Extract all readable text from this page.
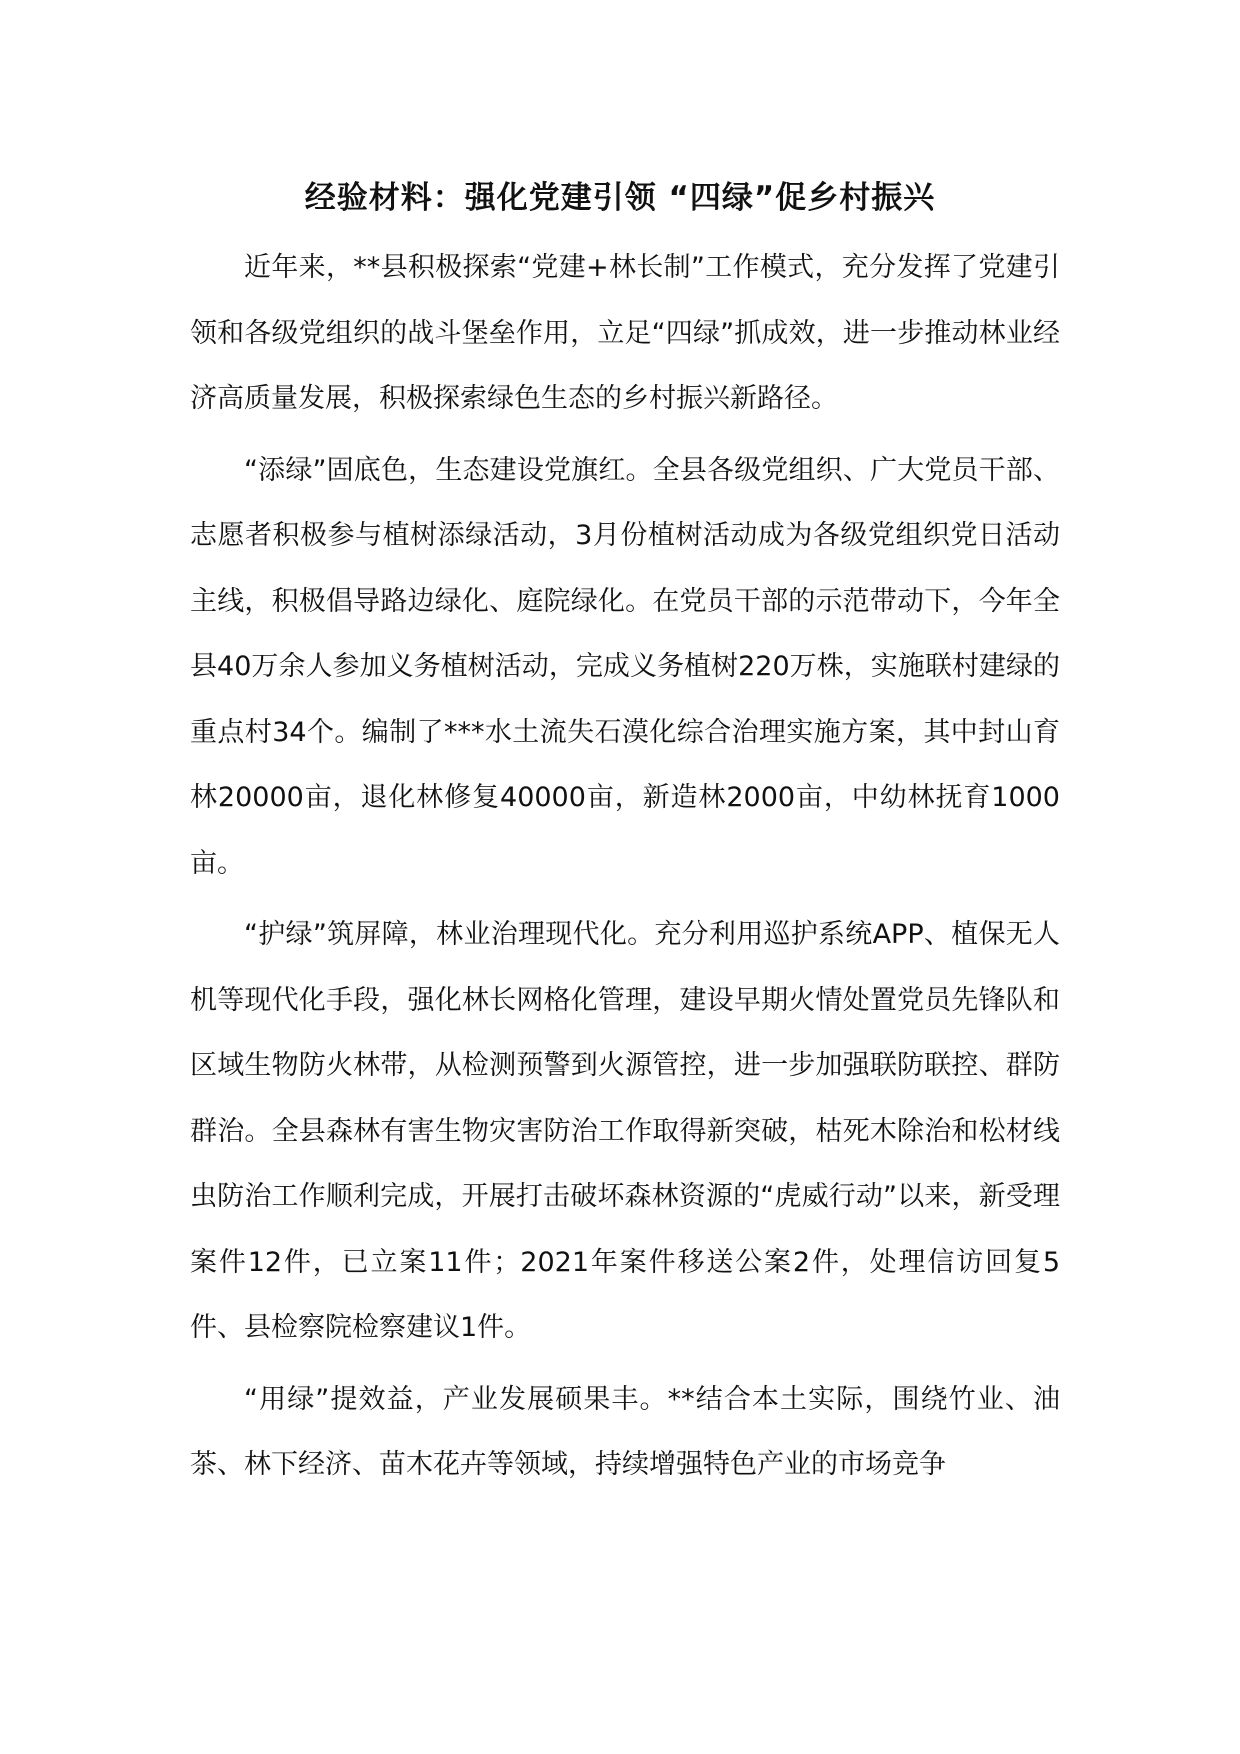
经验材料：强化党建引领 “四绿”促乡村振兴

近年来，**县积极探索“党建+林长制”工作模式，充分发挥了党建引领和各级党组织的战斗堡垒作用，立足“四绿”抓成效，进一步推动林业经济高质量发展，积极探索绿色生态的乡村振兴新路径。

“添绿”固底色，生态建设党旗红。全县各级党组织、广大党员干部、志愿者积极参与植树添绿活动，3月份植树活动成为各级党组织党日活动主线，积极倡导路边绿化、庭院绿化。在党员干部的示范带动下，今年全县40万余人参加义务植树活动，完成义务植树220万株，实施联村建绿的重点村34个。编制了***水土流失石漠化综合治理实施方案，其中封山育林20000亩，退化林修复40000亩，新造林2000亩，中幼林抚育1000亩。

“护绿”筑屏障，林业治理现代化。充分利用巡护系统APP、植保无人机等现代化手段，强化林长网格化管理，建设早期火情处置党员先锋队和区域生物防火林带，从检测预警到火源管控，进一步加强联防联控、群防群治。全县森林有害生物灾害防治工作取得新突破，枯死木除治和松材线虫防治工作顺利完成，开展打击破坏森林资源的“虎威行动”以来，新受理案件12件，已立案11件；2021年案件移送公案2件，处理信访回复5件、县检察院检察建议1件。

“用绿”提效益，产业发展硕果丰。**结合本土实际，围绕竹业、油茶、林下经济、苗木花卉等领域，持续增强特色产业的市场竞争
